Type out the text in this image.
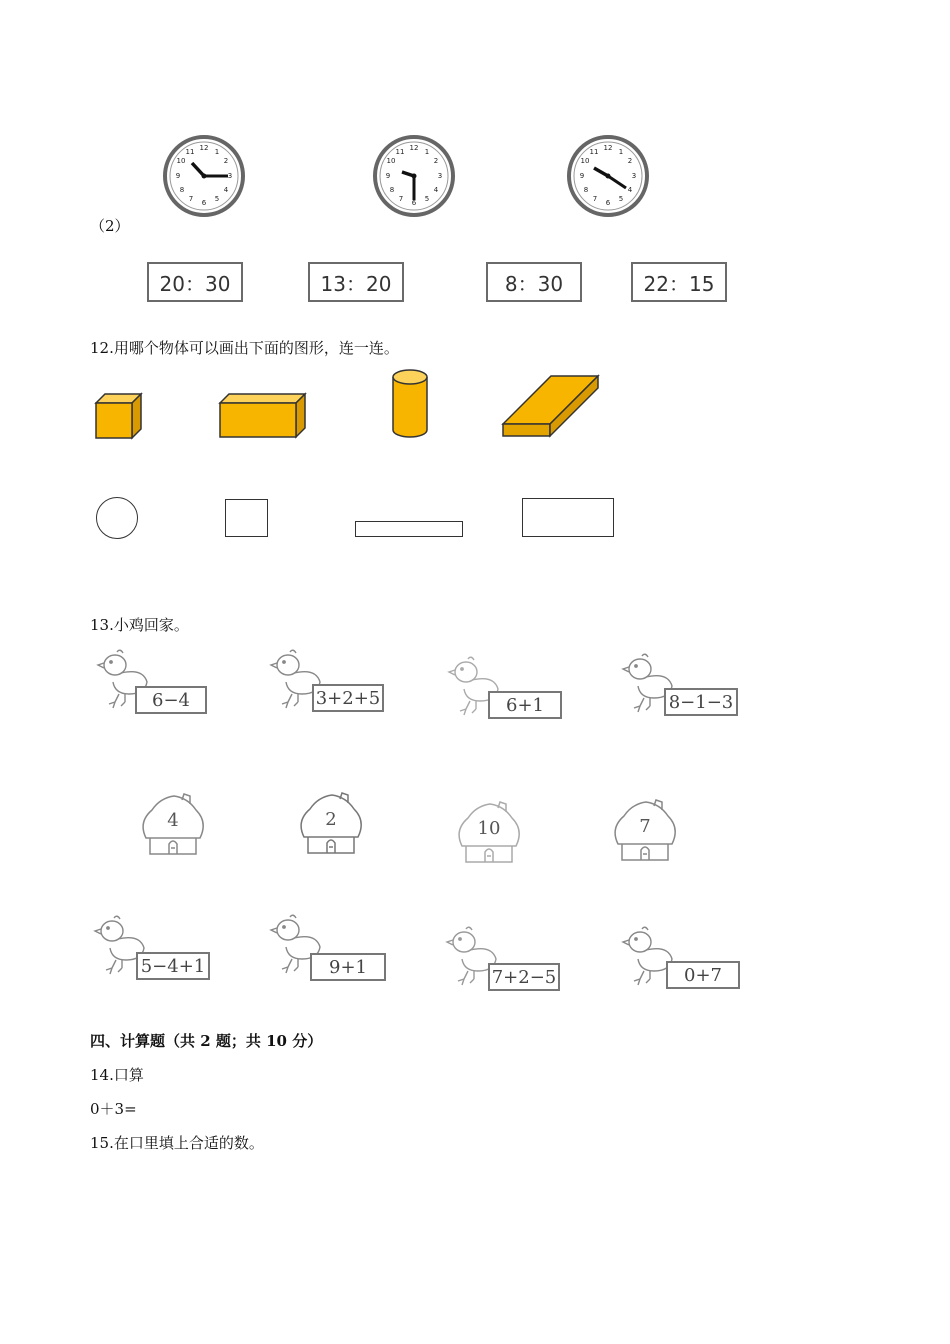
12 1
2
3
4
5
6
7
8
9
10
11	12 1
2
3
4
5
6
7
8
9
10
11	12 1
2
3
4
5
6
7
8
9
10
11
（2）
20：30	13：20	8：30	22：15
12.用哪个物体可以画出下面的图形，连一连。
13.小鸡回家。
6−4	3+2+5	6+1	8−1−3
4	2	10	7
5−4+1	9+1	7+2−5	0+7
四、计算题（共 2 题；共 10 分）
14.口算
0＋3=
15.在口里填上合适的数。
